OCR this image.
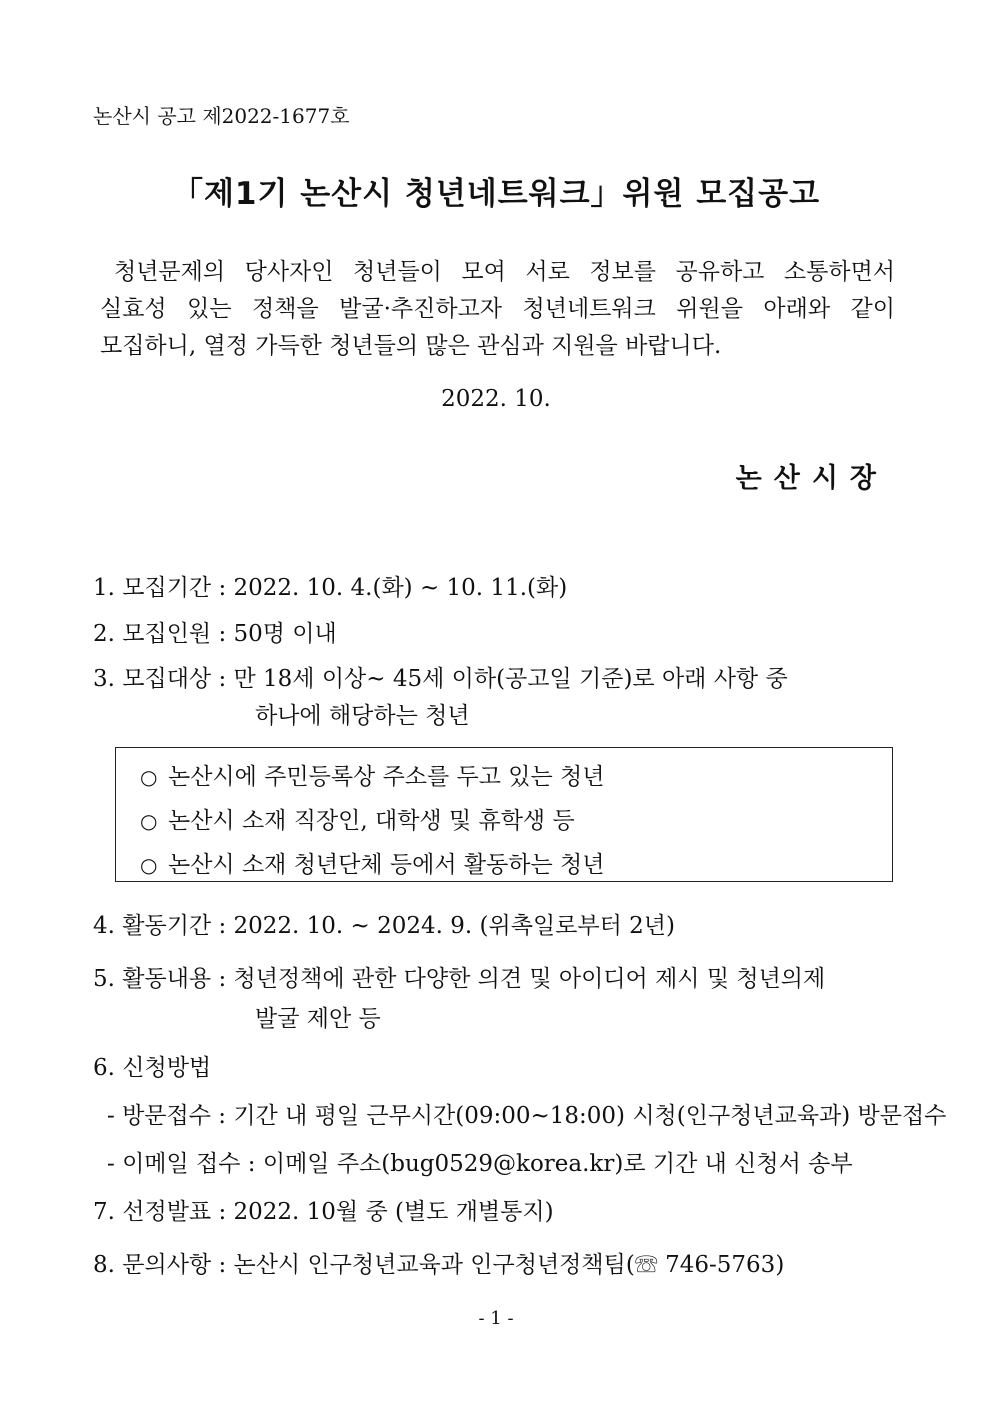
논산시 공고 제2022-1677호
「제1기 논산시 청년네트워크」위원 모집공고
청년문제의 당사자인 청년들이 모여 서로 정보를 공유하고 소통하면서
실효성 있는 정책을 발굴·추진하고자 청년네트워크 위원을 아래와 같이
모집하니, 열정 가득한 청년들의 많은 관심과 지원을 바랍니다.
2022. 10.
논산시장
1. 모집기간 : 2022. 10. 4.(화) ~ 10. 11.(화)
2. 모집인원 : 50명 이내
3. 모집대상 : 만 18세 이상~ 45세 이하(공고일 기준)로 아래 사항 중
하나에 해당하는 청년
○ 논산시에 주민등록상 주소를 두고 있는 청년
○ 논산시 소재 직장인, 대학생 및 휴학생 등
○ 논산시 소재 청년단체 등에서 활동하는 청년
4. 활동기간 : 2022. 10. ~ 2024. 9. (위촉일로부터 2년)
5. 활동내용 : 청년정책에 관한 다양한 의견 및 아이디어 제시 및 청년의제
발굴 제안 등
6. 신청방법
- 방문접수 : 기간 내 평일 근무시간(09:00~18:00) 시청(인구청년교육과) 방문접수
- 이메일 접수 : 이메일 주소(bug0529@korea.kr)로 기간 내 신청서 송부
7. 선정발표 : 2022. 10월 중 (별도 개별통지)
8. 문의사항 : 논산시 인구청년교육과 인구청년정책팀(☏ 746-5763)
- 1 -
